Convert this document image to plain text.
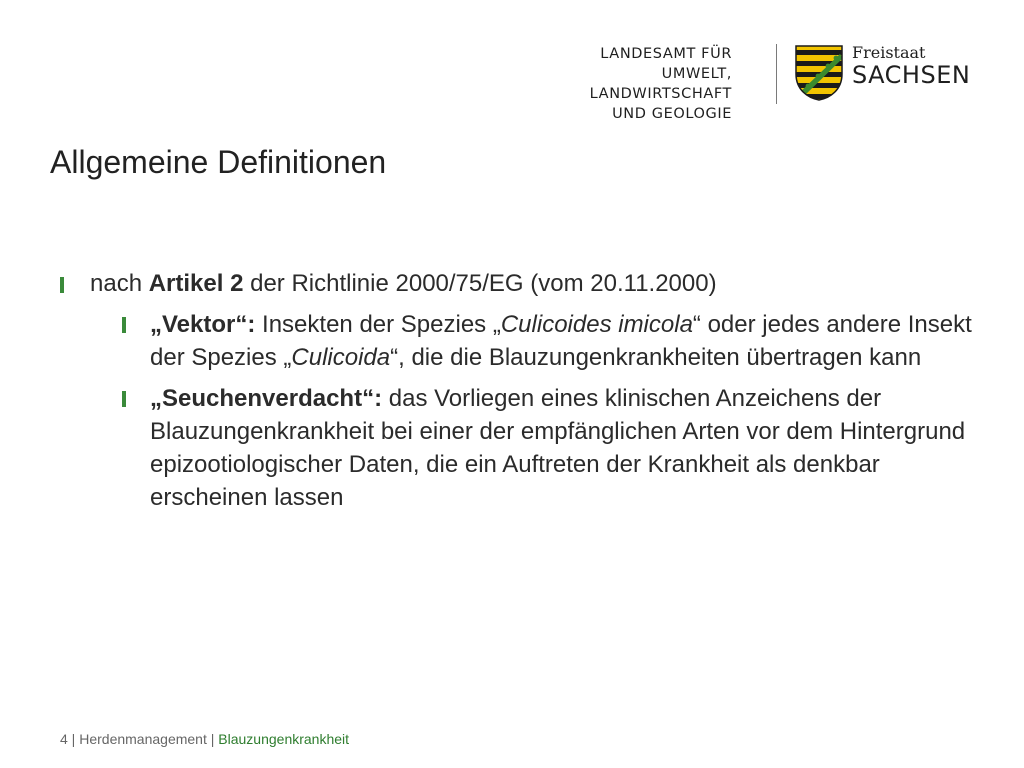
LANDESAMT FÜR UMWELT,
LANDWIRTSCHAFT
UND GEOLOGIE
Freistaat
SACHSEN
Allgemeine Definitionen
nach Artikel 2 der Richtlinie 2000/75/EG (vom 20.11.2000)
„Vektor“: Insekten der Spezies „Culicoides imicola“ oder jedes andere Insekt der Spezies „Culicoida“, die die Blauzungenkrankheiten übertragen kann
„Seuchenverdacht“: das Vorliegen eines klinischen Anzeichens der Blauzungenkrankheit bei einer der empfänglichen Arten vor dem Hintergrund epizootiologischer Daten, die ein Auftreten der Krankheit als denkbar erscheinen lassen
4 | Herdenmanagement | Blauzungenkrankheit
